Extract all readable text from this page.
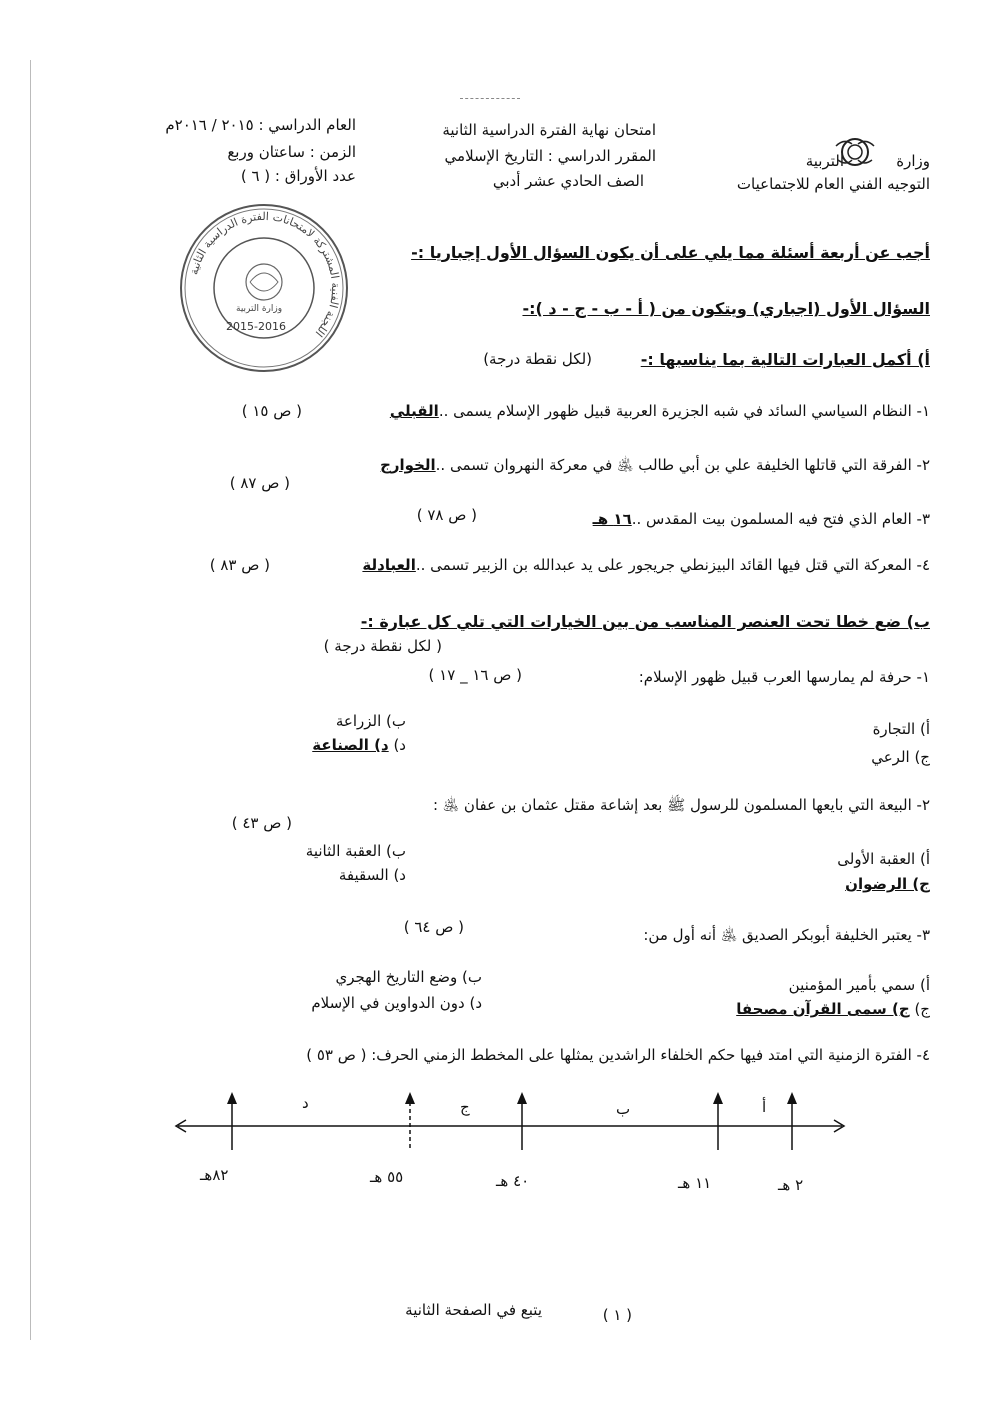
وزارة
التربية
التوجيه الفني العام للاجتماعيات
امتحان نهاية الفترة الدراسية الثانية
المقرر الدراسي : التاريخ الإسلامي
الصف الحادي عشر أدبي
العام الدراسي : ٢٠١٥ / ٢٠١٦م
الزمن : ساعتان وربع
عدد الأوراق : ( ٦ )
اللجنة الفنية المشتركة لامتحانات الفترة الدراسية الثانية
وزارة التربية
2015-2016
أجب عن أربعة أسئلة مما يلي على أن يكون السؤال الأول إجباريا :-
السؤال الأول (اجباري) ويتكون من ( أ - ب - ج - د ):-
أ) أكمل العبارات التالية بما يناسبها :-
(لكل نقطة درجة)
١- النظام السياسي السائد في شبه الجزيرة العربية قبيل ظهور الإسلام يسمى ..القبلي
( ص ١٥ )
٢- الفرقة التي قاتلها الخليفة علي بن أبي طالب ﵁ في معركة النهروان تسمى ..الخوارج
( ص ٨٧ )
٣- العام الذي فتح فيه المسلمون بيت المقدس ..١٦ هـ
( ص ٧٨ )
٤- المعركة التي قتل فيها القائد البيزنطي جريجور على يد عبدالله بن الزبير تسمى ..العبادلة
( ص ٨٣ )
ب) ضع خطا تحت العنصر المناسب من بين الخيارات التي تلي كل عبارة :-
( لكل نقطة درجة )
١- حرفة لم يمارسها العرب قبيل ظهور الإسلام:
( ص ١٦ _ ١٧ )
أ) التجارة
ب) الزراعة
ج) الرعي
د) د) الصناعة
٢- البيعة التي بايعها المسلمون للرسول ﷺ بعد إشاعة مقتل عثمان بن عفان ﵁ :
( ص ٤٣ )
أ) العقبة الأولى
ب) العقبة الثانية
ج) الرضوان
د) السقيفة
٣- يعتبر الخليفة أبوبكر الصديق ﵁ أنه أول من:
( ص ٦٤ )
أ) سمي بأمير المؤمنين
ب) وضع التاريخ الهجري
ج) ج) سمى القرآن مصحفا
د) دون الدواوين في الإسلام
٤- الفترة الزمنية التي امتد فيها حكم الخلفاء الراشدين يمثلها على المخطط الزمني الحرف: ( ص ٥٣ )
د	ج	ب	أ
٨٢هـ	٥٥ هـ	٤٠ هـ	١١ هـ	٢ هـ
( ١ )
يتبع في الصفحة الثانية
